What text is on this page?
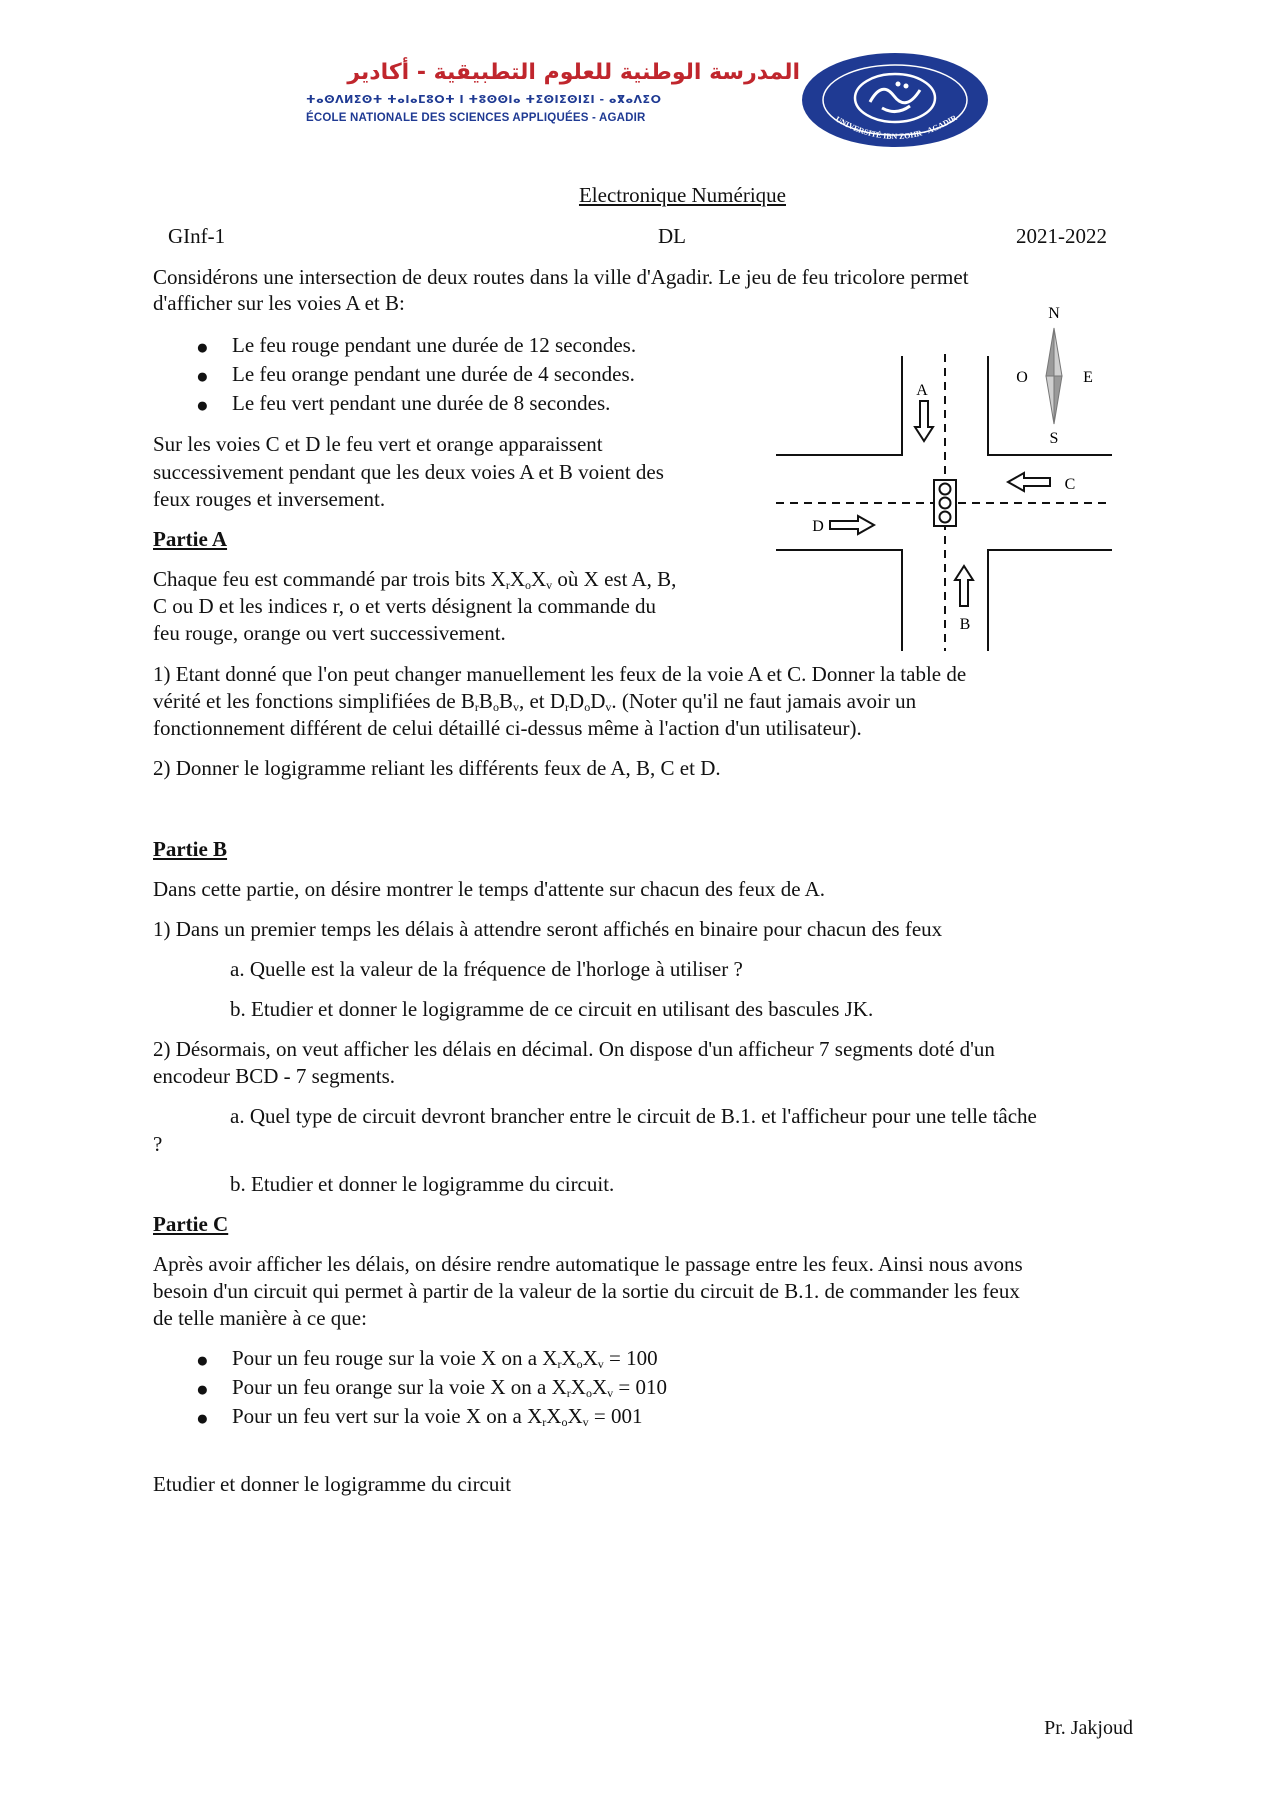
المدرسة الوطنية للعلوم التطبيقية - أكادير
ⵜⴰⵙⴷⵍⵉⵙⵜ ⵜⴰⵏⴰⵎⵓⵔⵜ ⵏ ⵜⵓⵙⵙⵏⴰ ⵜⵉⵙⵏⵉⵙⵏⵉⵏ - ⴰⴳⴰⴷⵉⵔ
ÉCOLE NATIONALE DES SCIENCES APPLIQUÉES - AGADIR	UNIVERSITÉ IBN ZOHR - AGADIR
Electronique Numérique
GInf-1	DL	2021-2022
Considérons une intersection de deux routes dans la ville d'Agadir. Le jeu de feu tricolore permet
d'afficher sur les voies A et B:
● Le feu rouge pendant une durée de 12 secondes.
● Le feu orange pendant une durée de 4 secondes.
● Le feu vert pendant une durée de 8 secondes.
Sur les voies C et D le feu vert et orange apparaissent
successivement pendant que les deux voies A et B voient des
feux rouges et inversement.
A
B
C
D
N
S
O	E
Partie A
Chaque feu est commandé par trois bits $X_rX_oX_v$ où X est A, B,
C ou D et les indices r, o et verts désignent la commande du
feu rouge, orange ou vert successivement.
1) Etant donné que l'on peut changer manuellement les feux de la voie A et C. Donner la table de
vérité et les fonctions simplifiées de $B_rB_oB_v$, et $D_rD_oD_v$. (Noter qu'il ne faut jamais avoir un
fonctionnement différent de celui détaillé ci-dessus même à l'action d'un utilisateur).
2) Donner le logigramme reliant les différents feux de A, B, C et D.
Partie B
Dans cette partie, on désire montrer le temps d'attente sur chacun des feux de A.
1) Dans un premier temps les délais à attendre seront affichés en binaire pour chacun des feux
a. Quelle est la valeur de la fréquence de l'horloge à utiliser ?
b. Etudier et donner le logigramme de ce circuit en utilisant des bascules JK.
2) Désormais, on veut afficher les délais en décimal. On dispose d'un afficheur 7 segments doté d'un
encodeur BCD - 7 segments.
a. Quel type de circuit devront brancher entre le circuit de B.1. et l'afficheur pour une telle tâche
?
b. Etudier et donner le logigramme du circuit.
Partie C
Après avoir afficher les délais, on désire rendre automatique le passage entre les feux. Ainsi nous avons
besoin d'un circuit qui permet à partir de la valeur de la sortie du circuit de B.1. de commander les feux
de telle manière à ce que:
● Pour un feu rouge sur la voie X on a $X_rX_oX_v = 100$
● Pour un feu orange sur la voie X on a $X_rX_oX_v = 010$
● Pour un feu vert sur la voie X on a $X_rX_oX_v = 001$
Etudier et donner le logigramme du circuit
Pr. Jakjoud
